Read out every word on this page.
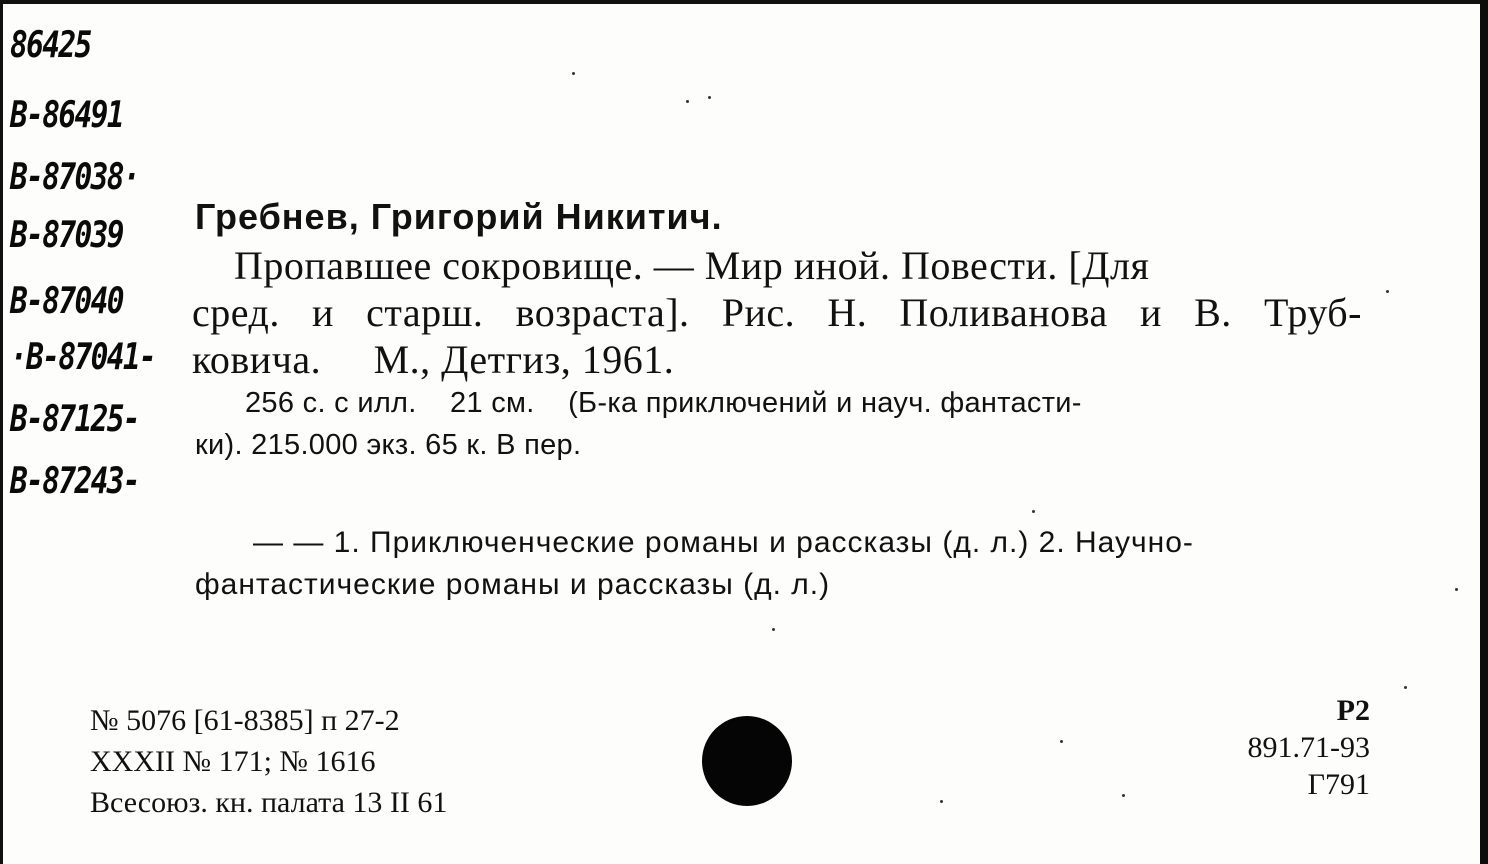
86425
B-86491
B-87038·
B-87039
B-87040
·B-87041-
B-87125-
B-87243-
Гребнев, Григорий Никитич.
Пропавшее сокровище. — Мир иной. Повести. [Для
сред. и старш. возраста]. Рис. Н. Поливанова и В. Труб-
ковича.     М., Детгиз, 1961.
256 с. с илл.    21 см.    (Б-ка приключений и науч. фантасти-
ки). 215.000 экз. 65 к. В пер.
— — 1. Приключенческие романы и рассказы (д. л.) 2. Научно-
фантастические романы и рассказы (д. л.)
№ 5076 [61-8385] п 27-2
XXXII № 171; № 1616
Всесоюз. кн. палата 13 II 61
Р2
891.71-93
Г791
